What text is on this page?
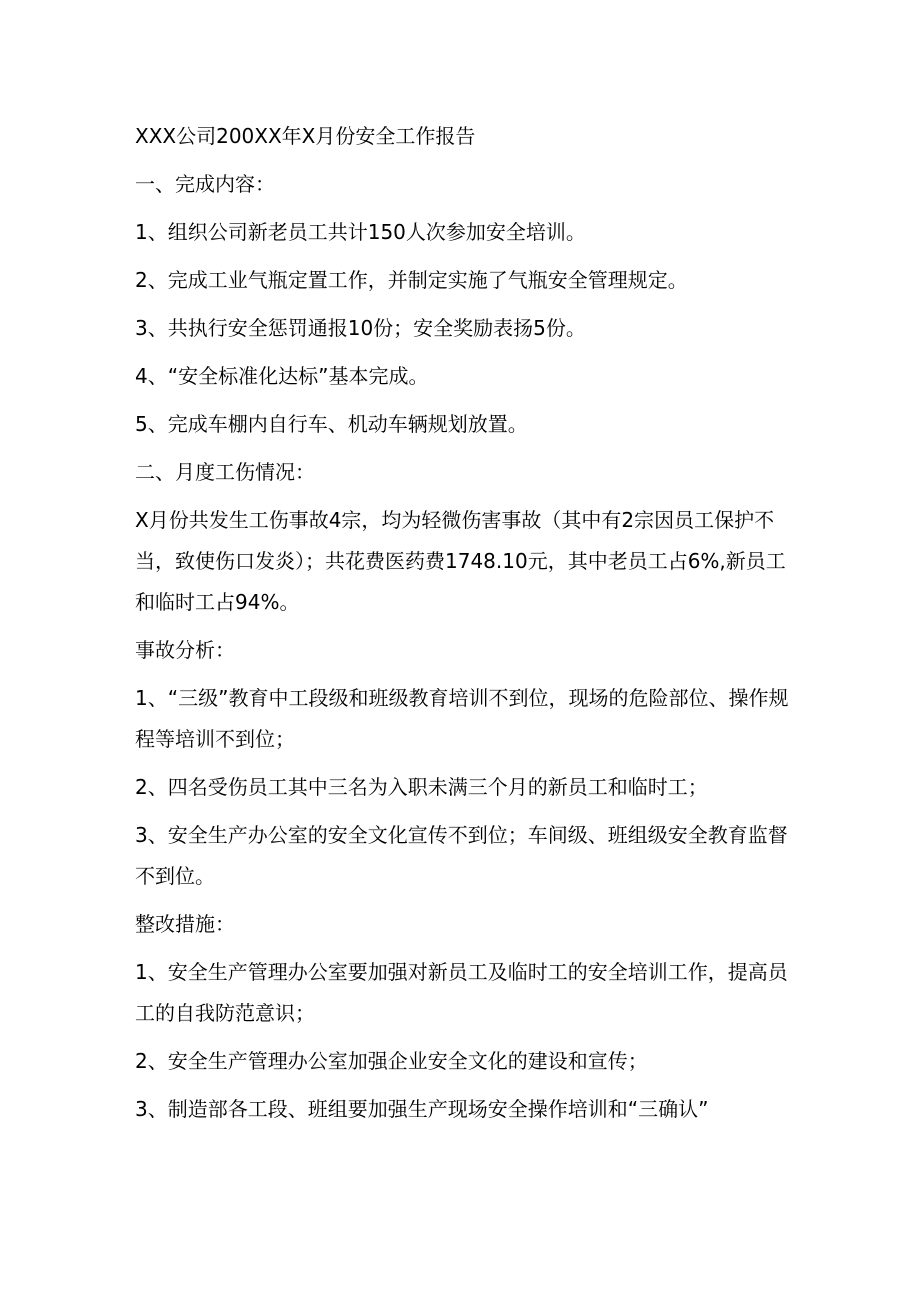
XXX公司200XX年X月份安全工作报告

一、完成内容：

1、组织公司新老员工共计150人次参加安全培训。

2、完成工业气瓶定置工作，并制定实施了气瓶安全管理规定。

3、共执行安全惩罚通报10份；安全奖励表扬5份。

4、“安全标准化达标”基本完成。

5、完成车棚内自行车、机动车辆规划放置。

二、月度工伤情况：

X月份共发生工伤事故4宗，均为轻微伤害事故（其中有2宗因员工保护不当，致使伤口发炎）；共花费医药费1748.10元，其中老员工占6%,新员工和临时工占94%。

事故分析：

1、“三级”教育中工段级和班级教育培训不到位，现场的危险部位、操作规程等培训不到位；

2、四名受伤员工其中三名为入职未满三个月的新员工和临时工；

3、安全生产办公室的安全文化宣传不到位；车间级、班组级安全教育监督不到位。

整改措施：

1、安全生产管理办公室要加强对新员工及临时工的安全培训工作，提高员工的自我防范意识；

2、安全生产管理办公室加强企业安全文化的建设和宣传；

3、制造部各工段、班组要加强生产现场安全操作培训和“三确认”
